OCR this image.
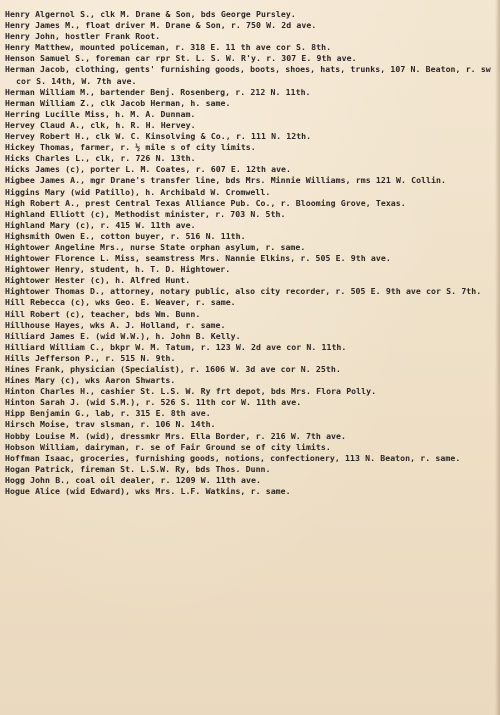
Henry Algernol S., clk M. Drane & Son, bds George Pursley.

Henry James M., float driver M. Drane & Son, r. 750 W. 2d ave.

Henry John, hostler Frank Root.

Henry Matthew, mounted policeman, r. 318 E. 11 th ave cor S. 8th.

Henson Samuel S., foreman car rpr St. L. S. W. R'y. r. 307 E. 9th ave.

Herman Jacob, clothing, gents' furnishing goods, boots, shoes, hats, trunks, 107 N. Beaton, r. sw cor S. 14th, W. 7th ave.

Herman William M., bartender Benj. Rosenberg, r. 212 N. 11th.

Herman William Z., clk Jacob Herman, h. same.

Herring Lucille Miss, h. M. A. Dunnam.

Hervey Claud A., clk, h. R. H. Hervey.

Hervey Robert H., clk W. C. Kinsolving & Co., r. 111 N. 12th.

Hickey Thomas, farmer, r. ½ mile s of city limits.

Hicks Charles L., clk, r. 726 N. 13th.

Hicks James (c), porter L. M. Coates, r. 607 E. 12th ave.

Higbee James A., mgr Drane's transfer line, bds Mrs. Minnie Williams, rms 121 W. Collin.

Higgins Mary (wid Patillo), h. Archibald W. Cromwell.

High Robert A., prest Central Texas Alliance Pub. Co., r. Blooming Grove, Texas.

Highland Elliott (c), Methodist minister, r. 703 N. 5th.

Highland Mary (c), r. 415 W. 11th ave.

Highsmith Owen E., cotton buyer, r. 516 N. 11th.

Hightower Angeline Mrs., nurse State orphan asylum, r. same.

Hightower Florence L. Miss, seamstress Mrs. Nannie Elkins, r. 505 E. 9th ave.

Hightower Henry, student, h. T. D. Hightower.

Hightower Hester (c), h. Alfred Hunt.

Hightower Thomas D., attorney, notary public, also city recorder, r. 505 E. 9th ave cor S. 7th.

Hill Rebecca (c), wks Geo. E. Weaver, r. same.

Hill Robert (c), teacher, bds Wm. Bunn.

Hillhouse Hayes, wks A. J. Holland, r. same.

Hilliard James E. (wid W.W.), h. John B. Kelly.

Hilliard William C., bkpr W. M. Tatum, r. 123 W. 2d ave cor N. 11th.

Hills Jefferson P., r. 515 N. 9th.

Hines Frank, physician (Specialist), r. 1606 W. 3d ave cor N. 25th.

Hines Mary (c), wks Aaron Shwarts.

Hinton Charles H., cashier St. L.S. W. Ry frt depot, bds Mrs. Flora Polly.

Hinton Sarah J. (wid S.M.), r. 526 S. 11th cor W. 11th ave.

Hipp Benjamin G., lab, r. 315 E. 8th ave.

Hirsch Moise, trav slsman, r. 106 N. 14th.

Hobby Louise M. (wid), dressmkr Mrs. Ella Border, r. 216 W. 7th ave.

Hobson William, dairyman, r. se of Fair Ground se of city limits.

Hoffman Isaac, groceries, furnishing goods, notions, confectionery, 113 N. Beaton, r. same.

Hogan Patrick, fireman St. L.S.W. Ry, bds Thos. Dunn.

Hogg John B., coal oil dealer, r. 1209 W. 11th ave.

Hogue Alice (wid Edward), wks Mrs. L.F. Watkins, r. same.
